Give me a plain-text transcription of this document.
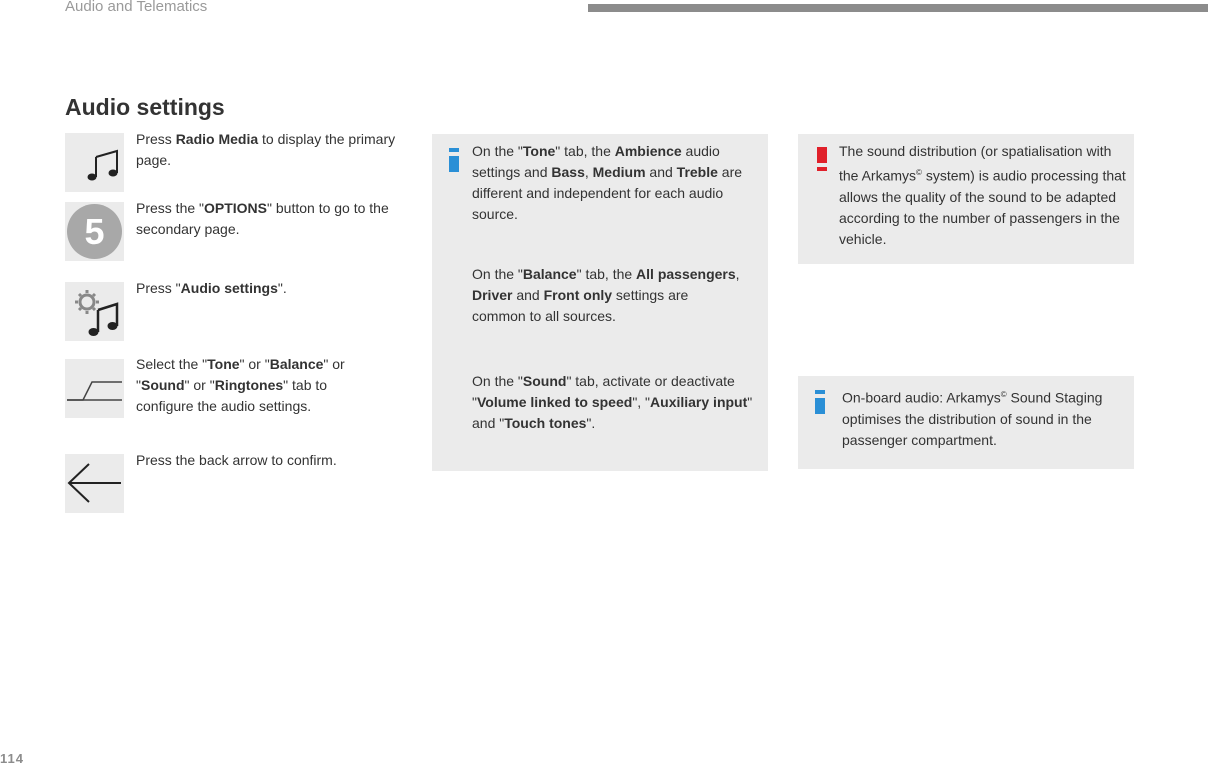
Audio and Telematics
114
Audio settings
Press Radio Media to display the primary page.
5
Press the "OPTIONS" button to go to the secondary page.
Press "Audio settings".
Select the "Tone" or "Balance" or "Sound" or "Ringtones" tab to configure the audio settings.
Press the back arrow to confirm.
On the "Tone" tab, the Ambience audio settings and Bass, Medium and Treble are different and independent for each audio source.
On the "Balance" tab, the All passengers, Driver and Front only settings are common to all sources.
On the "Sound" tab, activate or deactivate "Volume linked to speed", "Auxiliary input" and "Touch tones".
The sound distribution (or spatialisation with the Arkamys© system) is audio processing that allows the quality of the sound to be adapted according to the number of passengers in the vehicle.
On-board audio: Arkamys© Sound Staging optimises the distribution of sound in the passenger compartment.
